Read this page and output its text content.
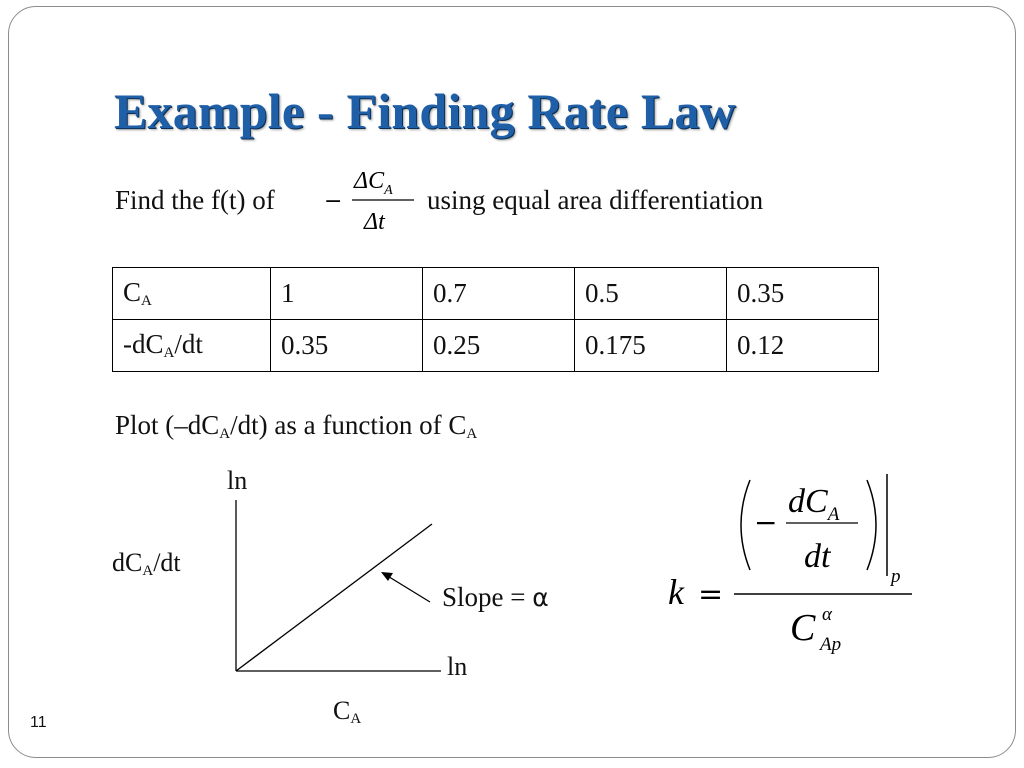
Example - Finding Rate Law
Find the f(t) of −
$\Delta C_A$
Δt
using equal area differentiation
$C_A$	1	0.7	0.5	0.35
$-dC_A/dt$	0.35	0.25	0.175	0.12
Plot $(-dC_A/dt)$ as a function of $C_A$
ln
$dC_A/dt$
Slope = α
ln
$C_A$
k =
−
$dC_A$
dt
p
C α
Ap
11
